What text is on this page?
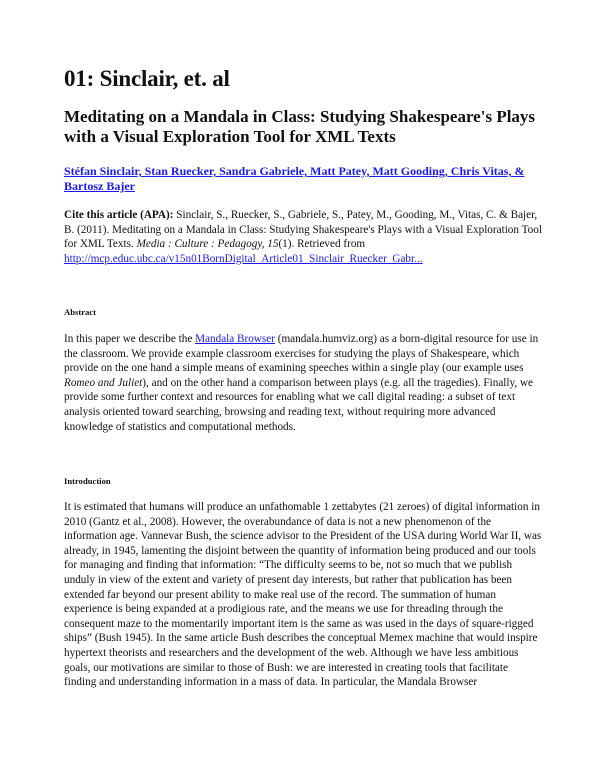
01: Sinclair, et. al
Meditating on a Mandala in Class: Studying Shakespeare's Plays with a Visual Exploration Tool for XML Texts

Stéfan Sinclair, Stan Ruecker, Sandra Gabriele, Matt Patey, Matt Gooding, Chris Vitas, & Bartosz Bajer

Cite this article (APA): Sinclair, S., Ruecker, S., Gabriele, S., Patey, M., Gooding, M., Vitas, C. & Bajer, B. (2011). Meditating on a Mandala in Class: Studying Shakespeare's Plays with a Visual Exploration Tool for XML Texts. Media : Culture : Pedagogy, 15(1). Retrieved from http://mcp.educ.ubc.ca/v15n01BornDigital_Article01_Sinclair_Ruecker_Gabr...

Abstract

In this paper we describe the Mandala Browser (mandala.humviz.org) as a born-digital resource for use in the classroom. We provide example classroom exercises for studying the plays of Shakespeare, which provide on the one hand a simple means of examining speeches within a single play (our example uses Romeo and Juliet), and on the other hand a comparison between plays (e.g. all the tragedies). Finally, we provide some further context and resources for enabling what we call digital reading: a subset of text analysis oriented toward searching, browsing and reading text, without requiring more advanced knowledge of statistics and computational methods.

Introduction

It is estimated that humans will produce an unfathomable 1 zettabytes (21 zeroes) of digital information in 2010 (Gantz et al., 2008). However, the overabundance of data is not a new phenomenon of the information age. Vannevar Bush, the science advisor to the President of the USA during World War II, was already, in 1945, lamenting the disjoint between the quantity of information being produced and our tools for managing and finding that information: “The difficulty seems to be, not so much that we publish unduly in view of the extent and variety of present day interests, but rather that publication has been extended far beyond our present ability to make real use of the record. The summation of human experience is being expanded at a prodigious rate, and the means we use for threading through the consequent maze to the momentarily important item is the same as was used in the days of square-rigged ships” (Bush 1945). In the same article Bush describes the conceptual Memex machine that would inspire hypertext theorists and researchers and the development of the web. Although we have less ambitious goals, our motivations are similar to those of Bush: we are interested in creating tools that facilitate finding and understanding information in a mass of data. In particular, the Mandala Browser
